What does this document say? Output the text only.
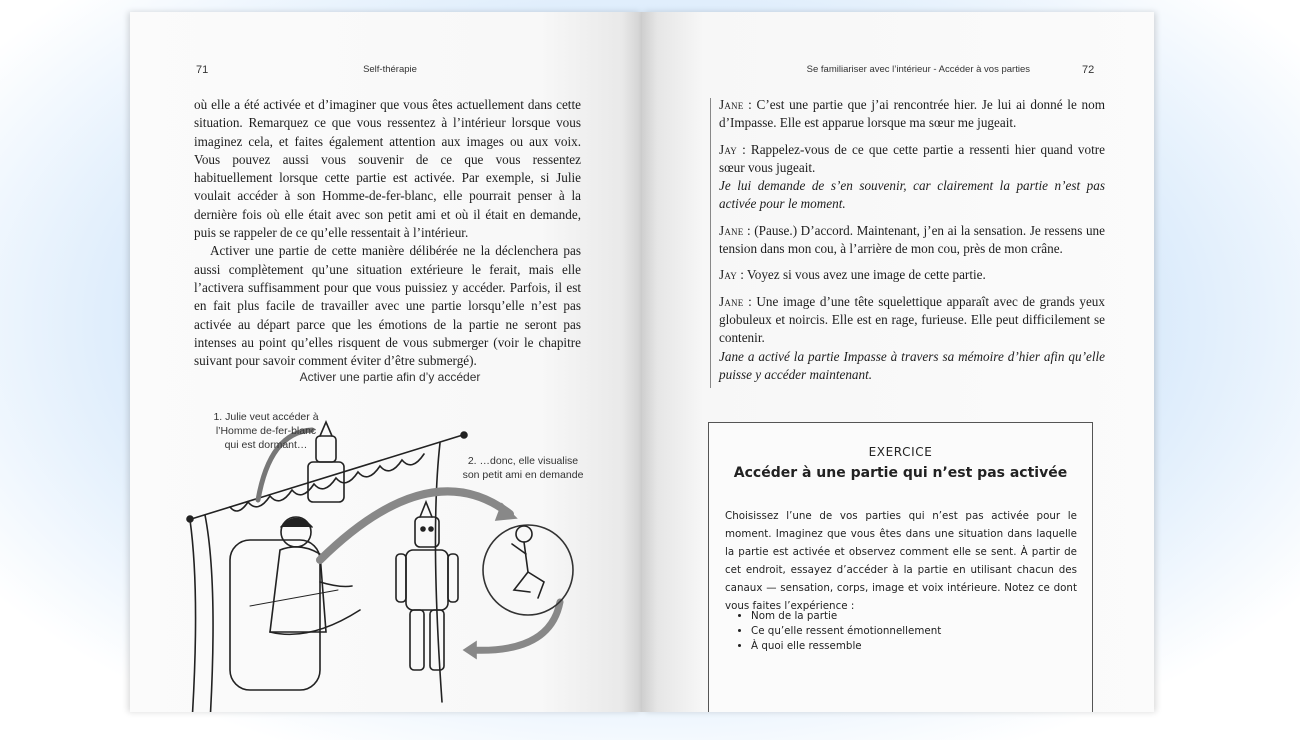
71	Self-thérapie

où elle a été activée et d’imaginer que vous êtes actuellement dans cette situation. Remarquez ce que vous ressentez à l’intérieur lorsque vous imaginez cela, et faites également attention aux images ou aux voix. Vous pouvez aussi vous souvenir de ce que vous ressentez habituellement lorsque cette partie est activée. Par exemple, si Julie voulait accéder à son Homme-de-fer-blanc, elle pourrait penser à la dernière fois où elle était avec son petit ami et où il était en demande, puis se rappeler de ce qu’elle ressentait à l’intérieur.

Activer une partie de cette manière délibérée ne la déclenchera pas aussi complètement qu’une situation extérieure le ferait, mais elle l’activera suffisamment pour que vous puissiez y accéder. Parfois, il est en fait plus facile de travailler avec une partie lorsqu’elle n’est pas activée au départ parce que les émotions de la partie ne seront pas intenses au point qu’elles risquent de vous submerger (voir le chapitre suivant pour savoir comment éviter d’être submergé).

Activer une partie afin d’y accéder
1. Julie veut accéder à
l’Homme de-fer-blanc
qui est dormant…
2. …donc, elle visualise
son petit ami en demande
Se familiariser avec l’intérieur - Accéder à vos parties	72
Jane : C’est une partie que j’ai rencontrée hier. Je lui ai donné le nom d’Impasse. Elle est apparue lorsque ma sœur me jugeait.
Jay : Rappelez-vous de ce que cette partie a ressenti hier quand votre sœur vous jugeait.
Je lui demande de s’en souvenir, car clairement la partie n’est pas activée pour le moment.
Jane : (Pause.) D’accord. Maintenant, j’en ai la sensation. Je ressens une tension dans mon cou, à l’arrière de mon cou, près de mon crâne.
Jay : Voyez si vous avez une image de cette partie.
Jane : Une image d’une tête squelettique apparaît avec de grands yeux globuleux et noircis. Elle est en rage, furieuse. Elle peut difficilement se contenir.
Jane a activé la partie Impasse à travers sa mémoire d’hier afin qu’elle puisse y accéder maintenant.
EXERCICE
Accéder à une partie qui n’est pas activée
Choisissez l’une de vos parties qui n’est pas activée pour le moment. Imaginez que vous êtes dans une situation dans laquelle la partie est activée et observez comment elle se sent. À partir de cet endroit, essayez d’accéder à la partie en utilisant chacun des canaux — sensation, corps, image et voix intérieure. Notez ce dont vous faites l’expérience :
• Nom de la partie
• Ce qu’elle ressent émotionnellement
• À quoi elle ressemble
